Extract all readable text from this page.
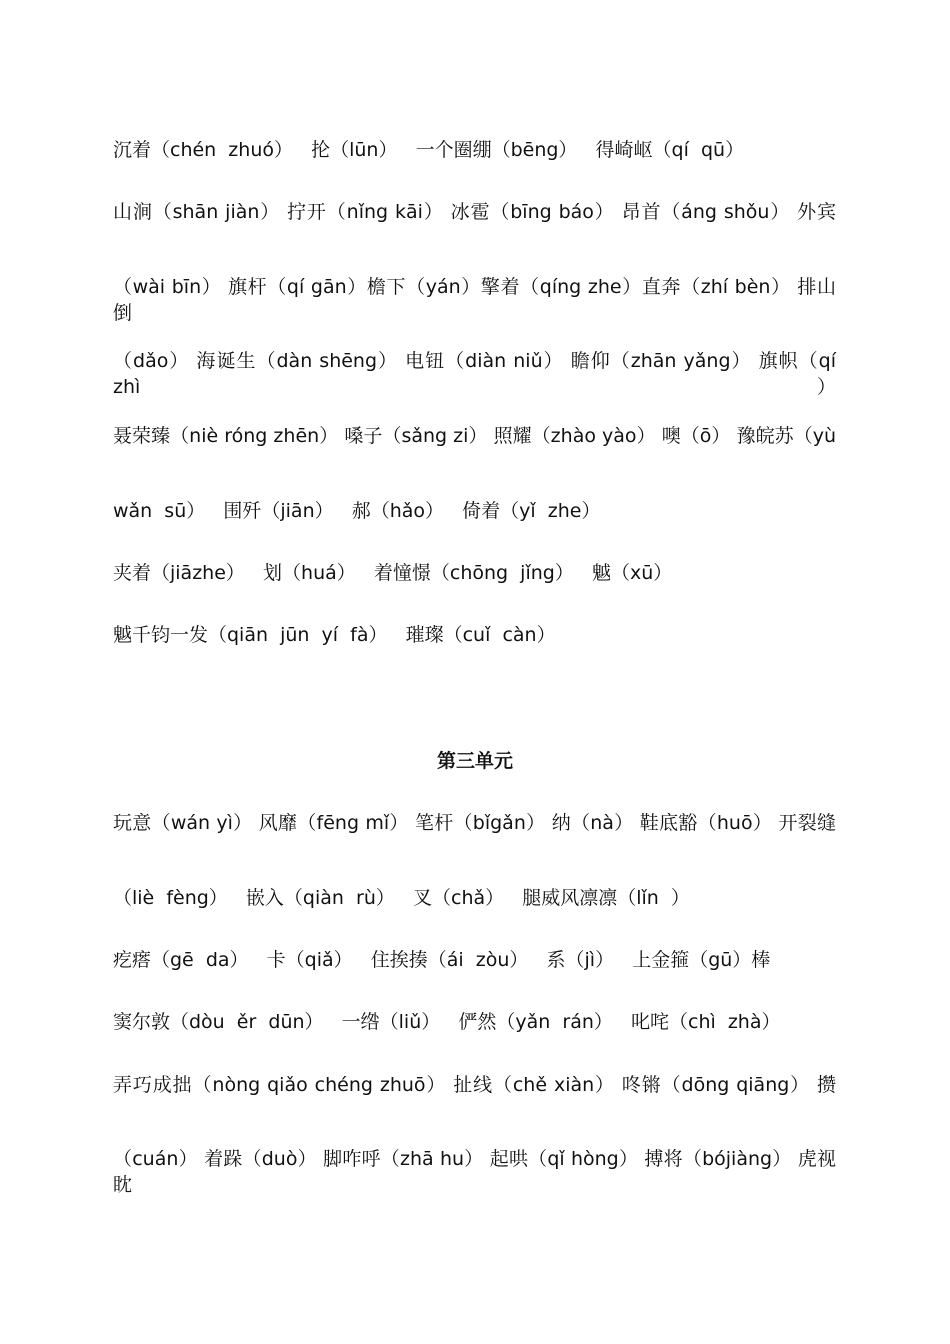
沉着（chén  zhuó）   抡（lūn）   一个圈绷（bēng）   得崎岖（qí  qū）
山涧（shān jiàn） 拧开（nǐng kāi） 冰雹（bīng báo） 昂首（áng shǒu） 外宾
（wài bīn） 旗杆（qí gān）檐下（yán）擎着（qíng zhe）直奔（zhí bèn） 排山倒
（dǎo） 海诞生（dàn shēng） 电钮（diàn niǔ） 瞻仰（zhān yǎng） 旗帜（qí zhì）
聂荣臻（niè róng zhēn） 嗓子（sǎng zi） 照耀（zhào yào） 噢（ō） 豫皖苏（yù
wǎn  sū）   围歼（jiān）   郝（hǎo）   倚着（yǐ  zhe）
夹着（jiāzhe）   划（huá）   着憧憬（chōng  jǐng）   魆（xū）
魆千钧一发（qiān  jūn  yí  fà）   璀璨（cuǐ  càn）
第三单元
玩意（wán yì） 风靡（fēng mǐ） 笔杆（bǐgǎn） 纳（nà） 鞋底豁（huō） 开裂缝
（liè  fèng）   嵌入（qiàn  rù）   叉（chǎ）   腿威风凛凛（lǐn  ）
疙瘩（gē  da）   卡（qiǎ）   住挨揍（ái  zòu）   系（jì）   上金箍（gū）棒
窦尔敦（dòu  ěr  dūn）   一绺（liǔ）   俨然（yǎn  rán）   叱咤（chì  zhà）
弄巧成拙（nòng qiǎo chéng zhuō） 扯线（chě xiàn） 咚锵（dōng qiāng） 攒
（cuán） 着跺（duò） 脚咋呼（zhā hu） 起哄（qǐ hòng） 搏将（bójiàng） 虎视眈
